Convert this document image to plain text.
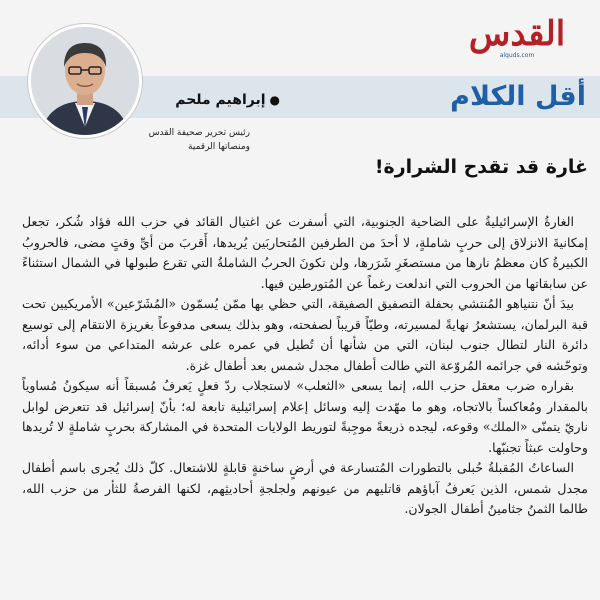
القدس
alquds.com
أقل الكلام
●إبراهيم ملحم
رئيس تحرير صحيفة القدس
ومنصاتها الرقمية
غارة قد تقدح الشرارة!

الغارةُ الإسرائيليةُ على الضاحية الجنوبية، التي أسفرت عن اغتيال القائد في حزب الله فؤاد شُكر، تجعل إمكانيةَ الانزلاق إلى حربٍ شاملةٍ، لا أحدَ من الطرفين المُتحاربَين يُريدها، أَقربَ من أيِّ وقتٍ مضى، فالحروبُ الكبيرةُ كان معظمُ نارها من مستصغَرِ شَرَرها، ولن تكونَ الحربُ الشاملةُ التي تقرع طبولها في الشمال استثناءً عن سابقاتها من الحروب التي اندلعت رغماً عن المُتورطين فيها.

بيدَ أنّ نتنياهو المُنتشي بحفلة التصفيق الصفيقة، التي حظي بها ممّن يُسمّون «المُشَرّعين» الأمريكيين تحت قبة البرلمان، يستشعرُ نهايةً لمسيرته، وطيّاً قريباً لصفحته، وهو بذلك يسعى مدفوعاً بغريزة الانتقام إلى توسيع دائرة النار لتطال جنوب لبنان، التي من شأنها أن تُطيل في عمره على عرشه المتداعي من سوء أدائه، وتوحّشه في جرائمه المُروّعة التي طالت أطفال مجدل شمس بعد أطفال غزة.

بقراره ضرب معقل حزب الله، إنما يسعى «الثعلب» لاستجلاب ردّ فعلٍ يَعرفُ مُسبقاً أنه سيكونُ مُساوياً بالمقدار ومُعاكساً بالاتجاه، وهو ما مهّدت إليه وسائل إعلام إسرائيلية تابعة له؛ بأنّ إسرائيل قد تتعرض لوابل ناريّ يتمنّى «الملك» وقوعه، ليجده ذريعةً موجِبةً لتوريط الولايات المتحدة في المشاركة بحربٍ شاملةٍ لا تُريدها وحاولت عبثاً تجنبّها.

الساعاتُ المُقبلةُ حُبلى بالتطورات المُتسارعة في أرضٍ ساخنةٍ قابلةٍ للاشتعال. كلّ ذلك يُجرى باسم أطفال مجدل شمس، الذين يَعرفُ آباؤهم قاتليهم من عيونهم ولجلجةِ أحاديثِهم، لكنها الفرصةُ للثأر من حزب الله، طالما الثمنُ جثامينُ أطفال الجولان.
